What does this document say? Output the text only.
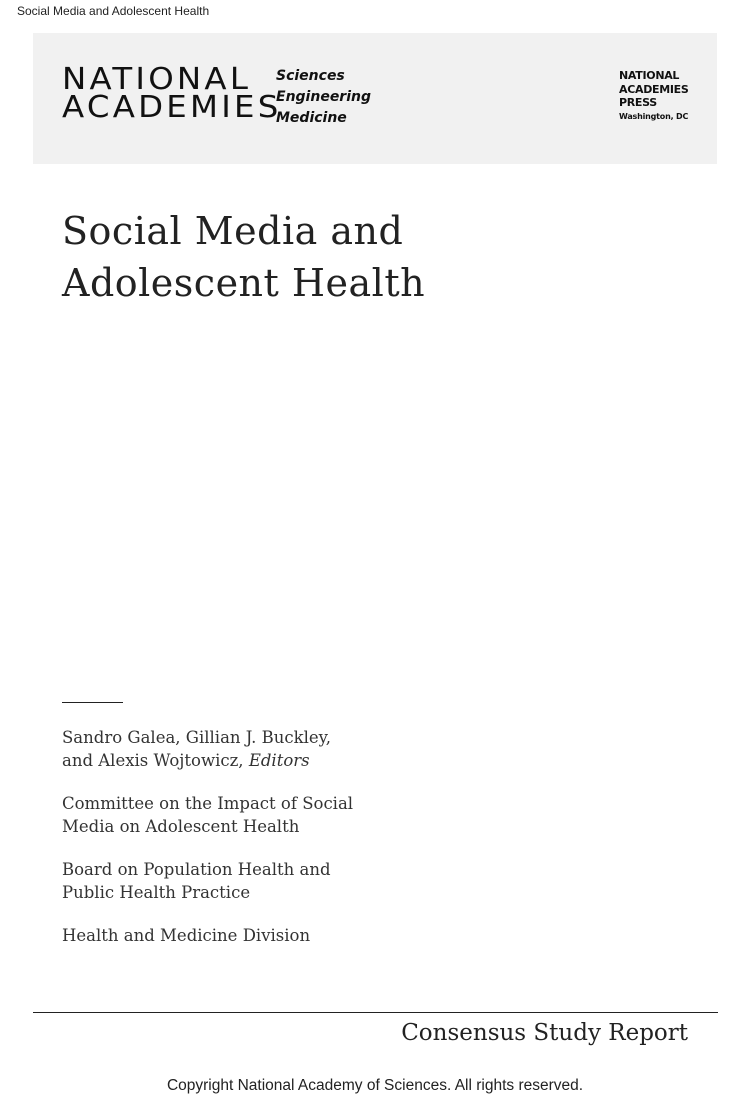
Social Media and Adolescent Health
NATIONAL
ACADEMIES
Sciences
Engineering
Medicine
NATIONAL
ACADEMIES
PRESS
Washington, DC
Social Media and
Adolescent Health
Sandro Galea, Gillian J. Buckley,
and Alexis Wojtowicz, Editors
Committee on the Impact of Social
Media on Adolescent Health
Board on Population Health and
Public Health Practice
Health and Medicine Division
Consensus Study Report
Copyright National Academy of Sciences. All rights reserved.
